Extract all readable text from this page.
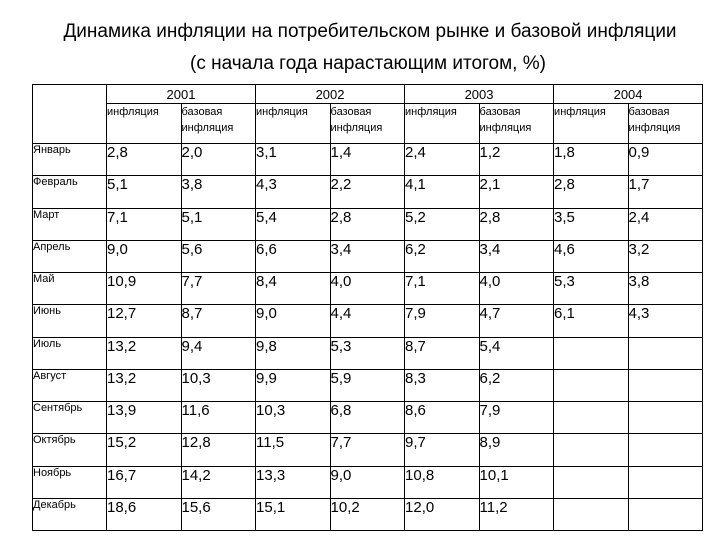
Динамика инфляции на потребительском рынке и базовой инфляции
(с начала года нарастающим итогом, %)
	2001		2002		2003		2004	
	инфляция	базовая инфляция	инфляция	базовая инфляция	инфляция	базовая инфляция	инфляция	базовая инфляция
Январь	2,8	2,0	3,1	1,4	2,4	1,2	1,8	0,9
Февраль	5,1	3,8	4,3	2,2	4,1	2,1	2,8	1,7
Март	7,1	5,1	5,4	2,8	5,2	2,8	3,5	2,4
Апрель	9,0	5,6	6,6	3,4	6,2	3,4	4,6	3,2
Май	10,9	7,7	8,4	4,0	7,1	4,0	5,3	3,8
Июнь	12,7	8,7	9,0	4,4	7,9	4,7	6,1	4,3
Июль	13,2	9,4	9,8	5,3	8,7	5,4		
Август	13,2	10,3	9,9	5,9	8,3	6,2		
Сентябрь	13,9	11,6	10,3	6,8	8,6	7,9		
Октябрь	15,2	12,8	11,5	7,7	9,7	8,9		
Ноябрь	16,7	14,2	13,3	9,0	10,8	10,1		
Декабрь	18,6	15,6	15,1	10,2	12,0	11,2		
